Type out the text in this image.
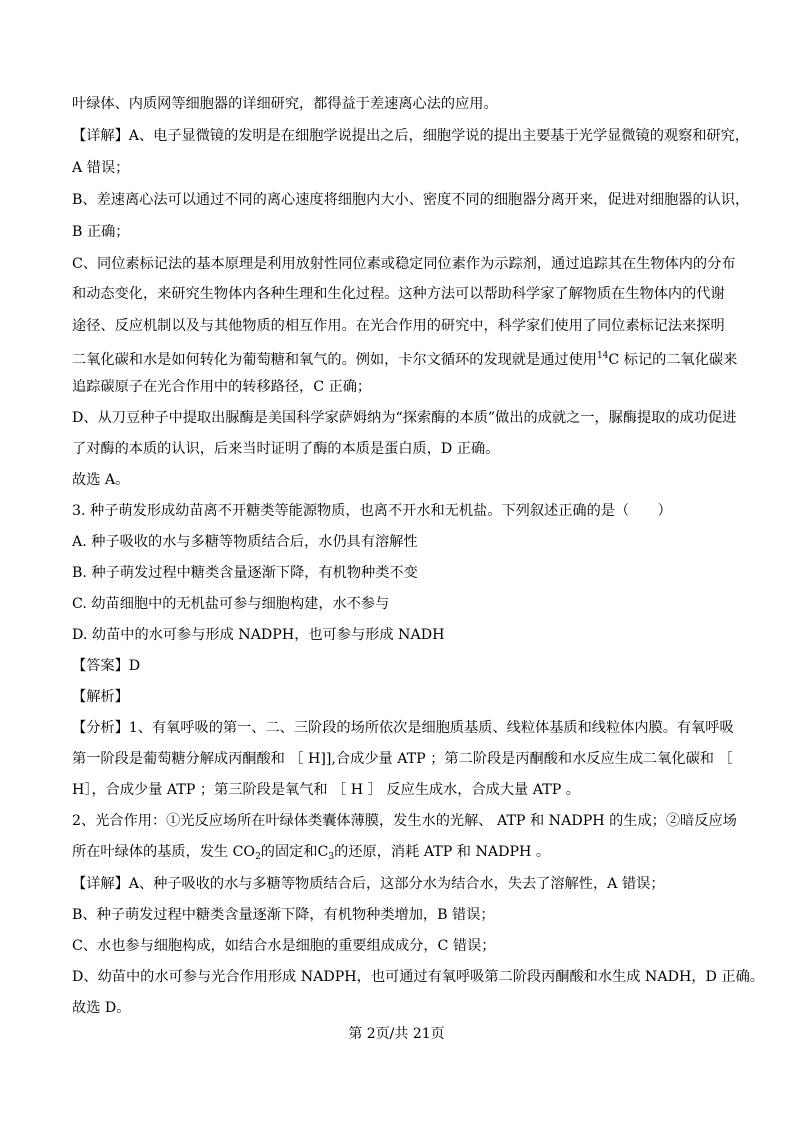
叶绿体、内质网等细胞器的详细研究，都得益于差速离心法的应用。
【详解】A、电子显微镜的发明是在细胞学说提出之后，细胞学说的提出主要基于光学显微镜的观察和研究，
A 错误；
B、差速离心法可以通过不同的离心速度将细胞内大小、密度不同的细胞器分离开来，促进对细胞器的认识，
B 正确；
C、同位素标记法的基本原理是利用放射性同位素或稳定同位素作为示踪剂，通过追踪其在生物体内的分布
和动态变化，来研究生物体内各种生理和生化过程。这种方法可以帮助科学家了解物质在生物体内的代谢
途径、反应机制以及与其他物质的相互作用。在光合作用的研究中，科学家们使用了同位素标记法来探明
二氧化碳和水是如何转化为葡萄糖和氧气的。例如，卡尔文循环的发现就是通过使用$^{14}$C 标记的二氧化碳来
追踪碳原子在光合作用中的转移路径，C 正确；
D、从刀豆种子中提取出脲酶是美国科学家萨姆纳为“探索酶的本质”做出的成就之一，脲酶提取的成功促进
了对酶的本质的认识，后来当时证明了酶的本质是蛋白质，D 正确。
故选 A。
3. 种子萌发形成幼苗离不开糖类等能源物质，也离不开水和无机盐。下列叙述正确的是（　　）
A. 种子吸收的水与多糖等物质结合后，水仍具有溶解性
B. 种子萌发过程中糖类含量逐渐下降，有机物种类不变
C. 幼苗细胞中的无机盐可参与细胞构建，水不参与
D. 幼苗中的水可参与形成 NADPH，也可参与形成 NADH
【答案】D
【解析】
【分析】1、有氧呼吸的第一、二、三阶段的场所依次是细胞质基质、线粒体基质和线粒体内膜。有氧呼吸
第一阶段是葡萄糖分解成丙酮酸和 ［ H]],合成少量 ATP ；第二阶段是丙酮酸和水反应生成二氧化碳和 ［
H］，合成少量 ATP ；第三阶段是氧气和 ［ H ］ 反应生成水，合成大量 ATP 。
2、光合作用：①光反应场所在叶绿体类囊体薄膜，发生水的光解、 ATP 和 NADPH 的生成；②暗反应场
所在叶绿体的基质，发生 $CO_2$的固定和$C_3$的还原，消耗 ATP 和 NADPH 。
【详解】A、种子吸收的水与多糖等物质结合后，这部分水为结合水，失去了溶解性，A 错误；
B、种子萌发过程中糖类含量逐渐下降，有机物种类增加，B 错误；
C、水也参与细胞构成，如结合水是细胞的重要组成成分，C 错误；
D、幼苗中的水可参与光合作用形成 NADPH，也可通过有氧呼吸第二阶段丙酮酸和水生成 NADH，D 正确。
故选 D。
第 2页/共 21页
